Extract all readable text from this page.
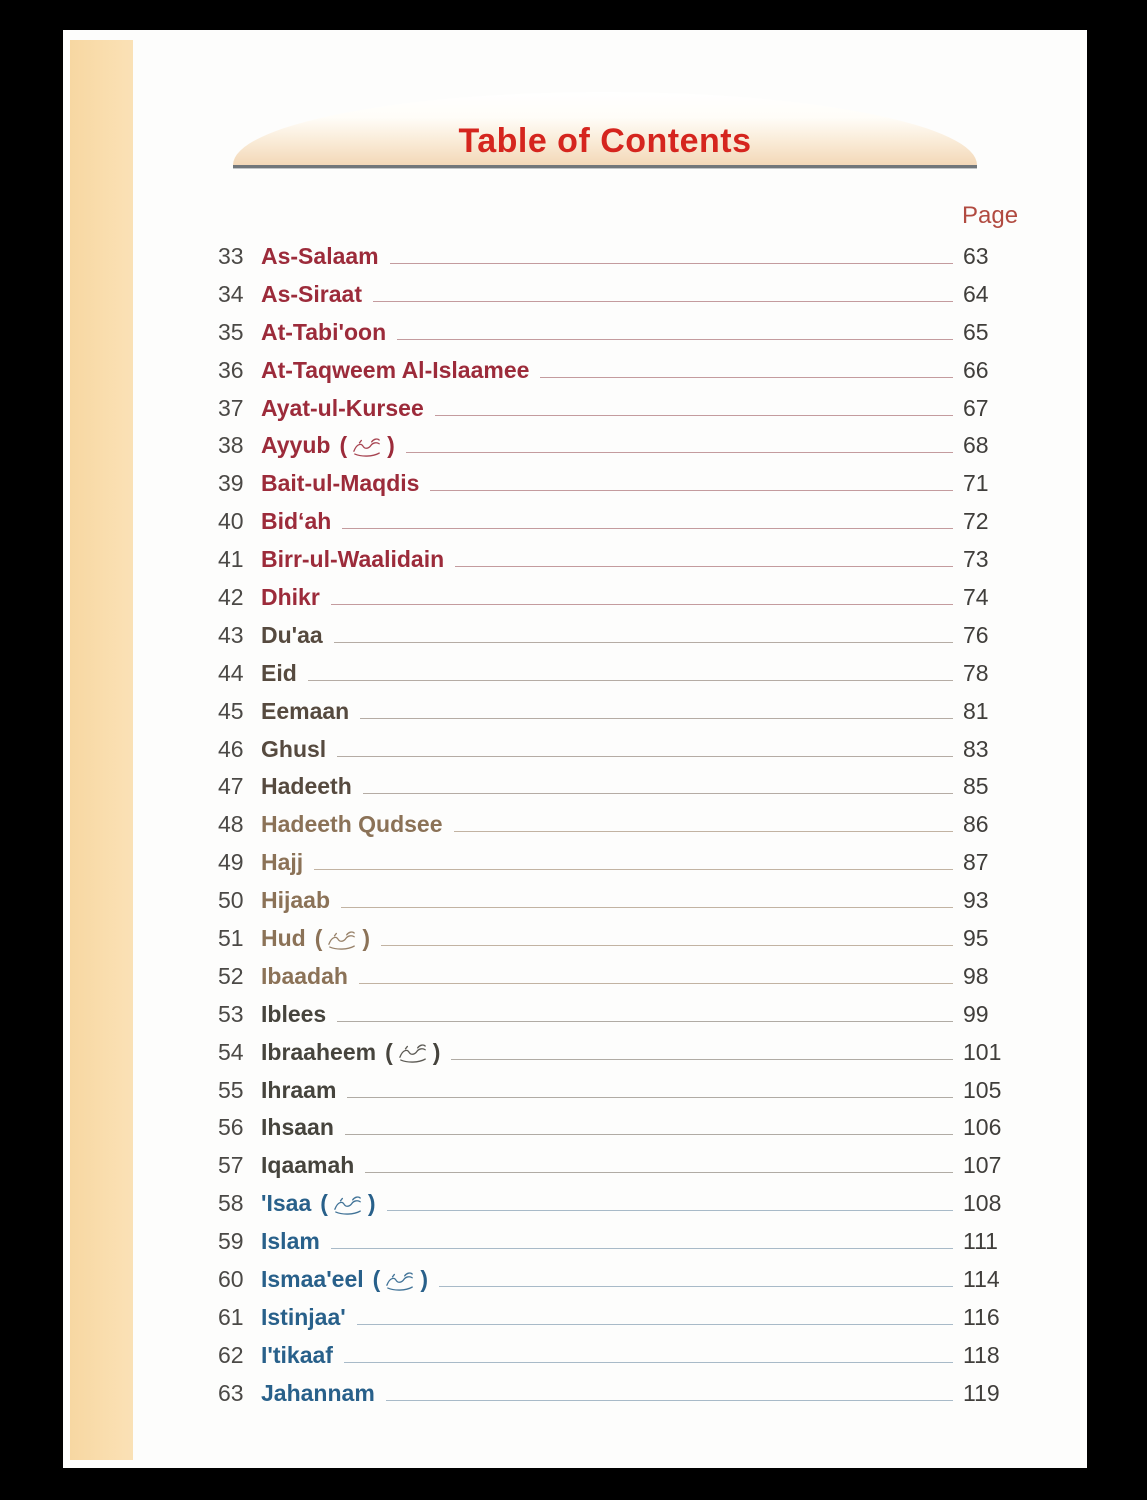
Table of Contents
Page
33 As-Salaam	63
34 As-Siraat	64
35 At-Tabi'oon	65
36 At-Taqweem Al-Islaamee	66
37 Ayat-ul-Kursee	67
38 Ayyub ( )	68
39 Bait-ul-Maqdis	71
40 Bid‘ah	72
41 Birr-ul-Waalidain	73
42 Dhikr	74
43 Du'aa	76
44 Eid	78
45 Eemaan	81
46 Ghusl	83
47 Hadeeth	85
48 Hadeeth Qudsee	86
49 Hajj	87
50 Hijaab	93
51 Hud ( )	95
52 Ibaadah	98
53 Iblees	99
54 Ibraaheem ( )	101
55 Ihraam	105
56 Ihsaan	106
57 Iqaamah	107
58 'Isaa ( )	108
59 Islam	111
60 Ismaa'eel ( )	114
61 Istinjaa'	116
62 I'tikaaf	118
63 Jahannam	119
